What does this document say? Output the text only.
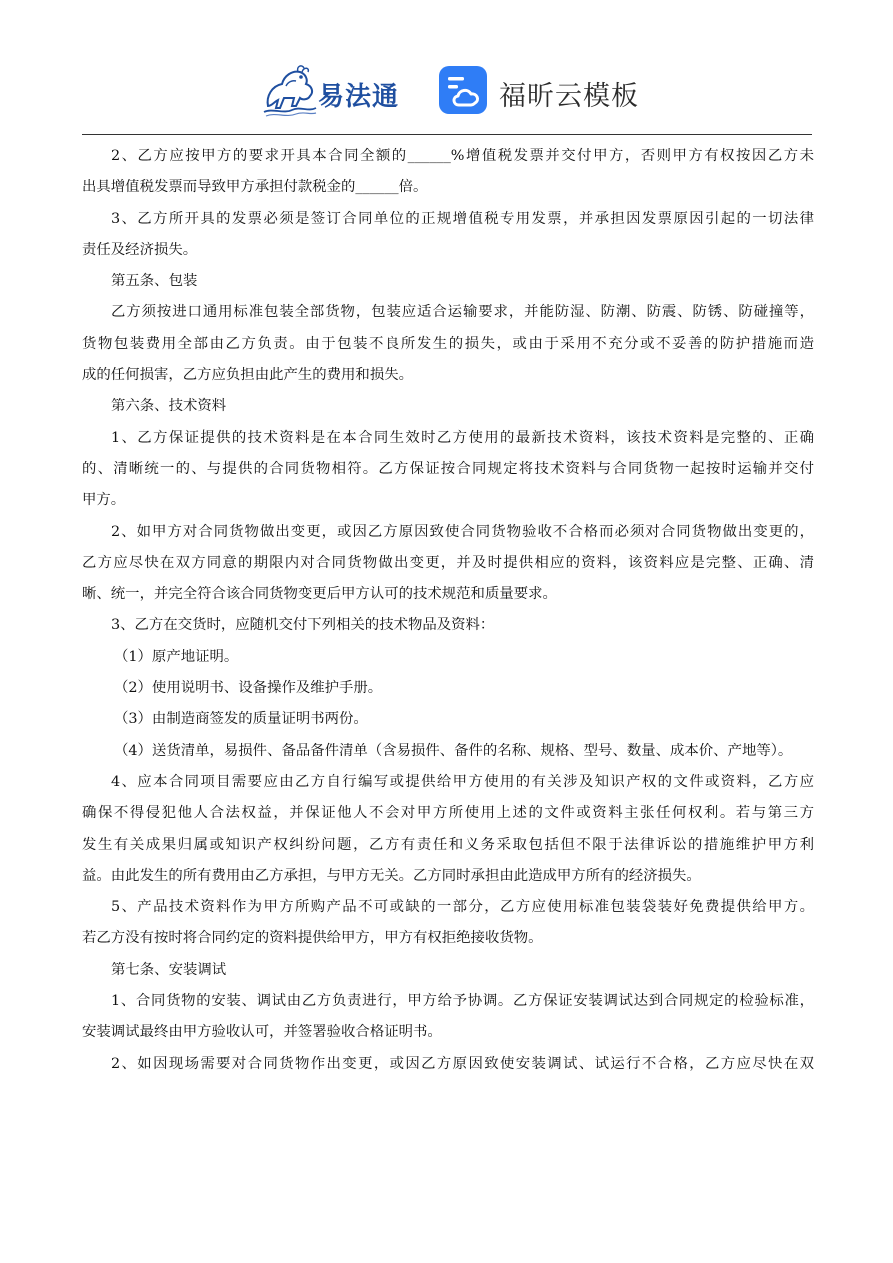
易法通	福昕云模板
2、乙方应按甲方的要求开具本合同全额的______%增值税发票并交付甲方，否则甲方有权按因乙方未
出具增值税发票而导致甲方承担付款税金的______倍。
3、乙方所开具的发票必须是签订合同单位的正规增值税专用发票，并承担因发票原因引起的一切法律
责任及经济损失。
第五条、包装
乙方须按进口通用标准包装全部货物，包装应适合运输要求，并能防湿、防潮、防震、防锈、防碰撞等，
货物包装费用全部由乙方负责。由于包装不良所发生的损失，或由于采用不充分或不妥善的防护措施而造
成的任何损害，乙方应负担由此产生的费用和损失。
第六条、技术资料
1、乙方保证提供的技术资料是在本合同生效时乙方使用的最新技术资料，该技术资料是完整的、正确
的、清晰统一的、与提供的合同货物相符。乙方保证按合同规定将技术资料与合同货物一起按时运输并交付
甲方。
2、如甲方对合同货物做出变更，或因乙方原因致使合同货物验收不合格而必须对合同货物做出变更的，
乙方应尽快在双方同意的期限内对合同货物做出变更，并及时提供相应的资料，该资料应是完整、正确、清
晰、统一，并完全符合该合同货物变更后甲方认可的技术规范和质量要求。
3、乙方在交货时，应随机交付下列相关的技术物品及资料：
（1）原产地证明。
（2）使用说明书、设备操作及维护手册。
（3）由制造商签发的质量证明书两份。
（4）送货清单，易损件、备品备件清单（含易损件、备件的名称、规格、型号、数量、成本价、产地等）。
4、应本合同项目需要应由乙方自行编写或提供给甲方使用的有关涉及知识产权的文件或资料，乙方应
确保不得侵犯他人合法权益，并保证他人不会对甲方所使用上述的文件或资料主张任何权利。若与第三方
发生有关成果归属或知识产权纠纷问题，乙方有责任和义务采取包括但不限于法律诉讼的措施维护甲方利
益。由此发生的所有费用由乙方承担，与甲方无关。乙方同时承担由此造成甲方所有的经济损失。
5、产品技术资料作为甲方所购产品不可或缺的一部分，乙方应使用标准包装袋装好免费提供给甲方。
若乙方没有按时将合同约定的资料提供给甲方，甲方有权拒绝接收货物。
第七条、安装调试
1、合同货物的安装、调试由乙方负责进行，甲方给予协调。乙方保证安装调试达到合同规定的检验标准，
安装调试最终由甲方验收认可，并签署验收合格证明书。
2、如因现场需要对合同货物作出变更，或因乙方原因致使安装调试、试运行不合格，乙方应尽快在双
